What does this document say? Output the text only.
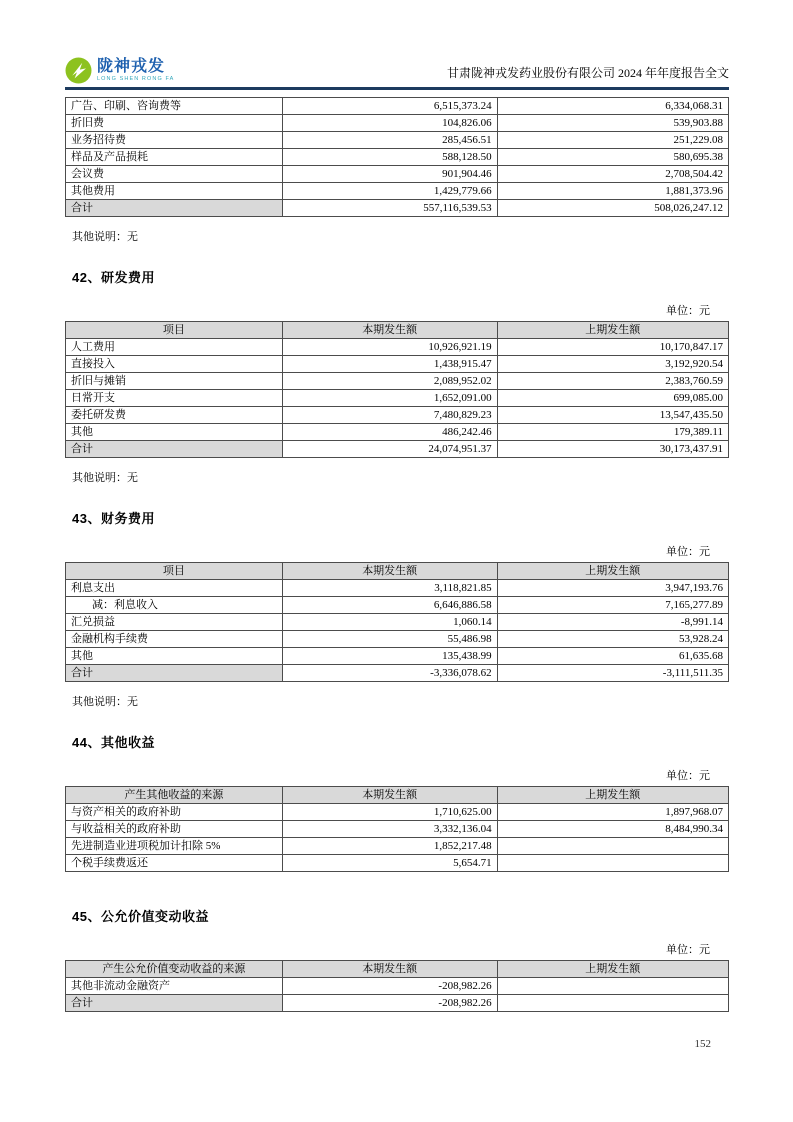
陇神戎发
LONG SHEN RONG FA	甘肃陇神戎发药业股份有限公司 2024 年年度报告全文
广告、印刷、咨询费等	6,515,373.24	6,334,068.31
折旧费	104,826.06	539,903.88
业务招待费	285,456.51	251,229.08
样品及产品损耗	588,128.50	580,695.38
会议费	901,904.46	2,708,504.42
其他费用	1,429,779.66	1,881,373.96
合计	557,116,539.53	508,026,247.12

其他说明：无

42、研发费用

单位：元

项目	本期发生额	上期发生额
人工费用	10,926,921.19	10,170,847.17
直接投入	1,438,915.47	3,192,920.54
折旧与摊销	2,089,952.02	2,383,760.59
日常开支	1,652,091.00	699,085.00
委托研发费	7,480,829.23	13,547,435.50
其他	486,242.46	179,389.11
合计	24,074,951.37	30,173,437.91

其他说明：无

43、财务费用

单位：元

项目	本期发生额	上期发生额
利息支出	3,118,821.85	3,947,193.76
减：利息收入	6,646,886.58	7,165,277.89
汇兑损益	1,060.14	-8,991.14
金融机构手续费	55,486.98	53,928.24
其他	135,438.99	61,635.68
合计	-3,336,078.62	-3,111,511.35

其他说明：无

44、其他收益

单位：元

产生其他收益的来源	本期发生额	上期发生额
与资产相关的政府补助	1,710,625.00	1,897,968.07
与收益相关的政府补助	3,332,136.04	8,484,990.34
先进制造业进项税加计扣除 5%	1,852,217.48	
个税手续费返还	5,654.71	
45、公允价值变动收益

单位：元

产生公允价值变动收益的来源	本期发生额	上期发生额
其他非流动金融资产	-208,982.26	
合计	-208,982.26	
152
